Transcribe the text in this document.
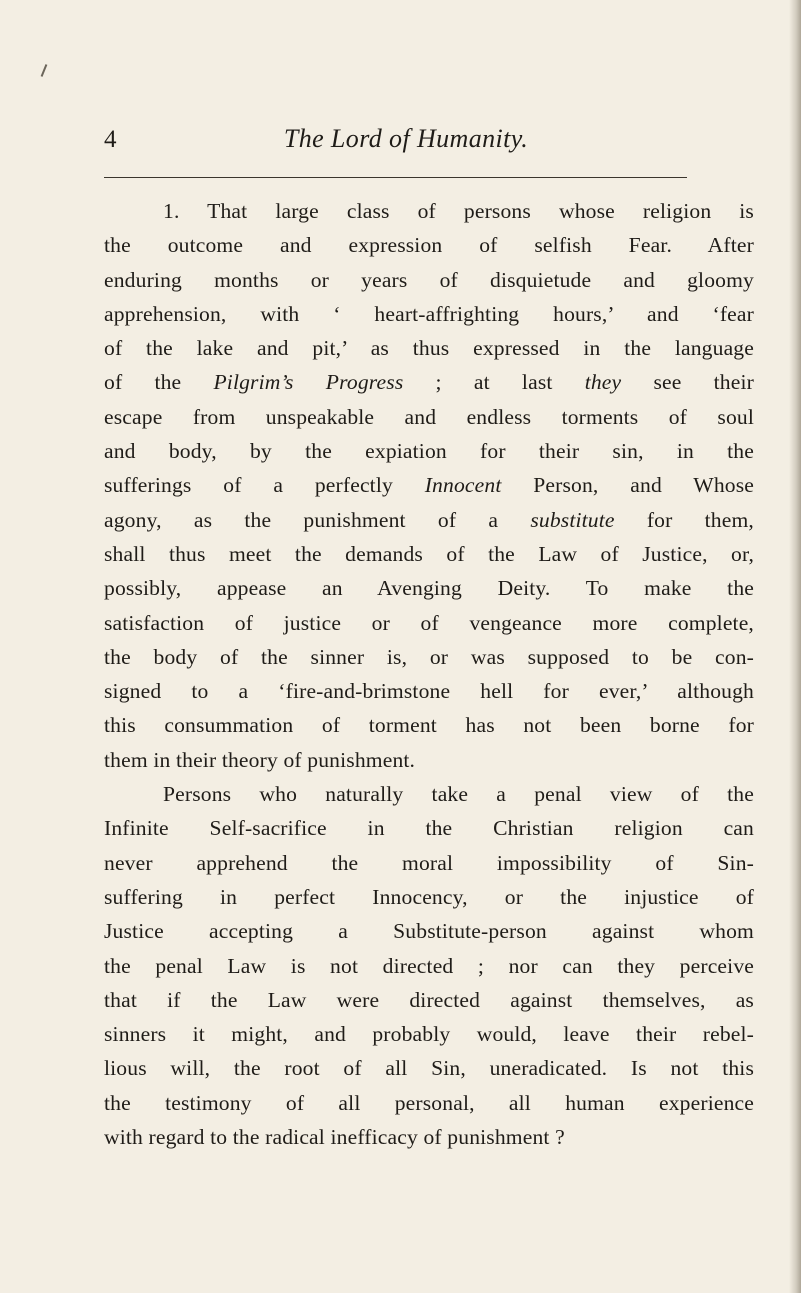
4	The Lord of Humanity.
1. That large class of persons whose religion is
the outcome and expression of selfish Fear. After
enduring months or years of disquietude and gloomy
apprehension, with ‘ heart-affrighting hours,’ and ‘fear
of the lake and pit,’ as thus expressed in the language
of the Pilgrim’s Progress ; at last they see their
escape from unspeakable and endless torments of soul
and body, by the expiation for their sin, in the
sufferings of a perfectly Innocent Person, and Whose
agony, as the punishment of a substitute for them,
shall thus meet the demands of the Law of Justice, or,
possibly, appease an Avenging Deity. To make the
satisfaction of justice or of vengeance more complete,
the body of the sinner is, or was supposed to be con-
signed to a ‘fire-and-brimstone hell for ever,’ although
this consummation of torment has not been borne for
them in their theory of punishment.
Persons who naturally take a penal view of the
Infinite Self-sacrifice in the Christian religion can
never apprehend the moral impossibility of Sin-
suffering in perfect Innocency, or the injustice of
Justice accepting a Substitute-person against whom
the penal Law is not directed ; nor can they perceive
that if the Law were directed against themselves, as
sinners it might, and probably would, leave their rebel-
lious will, the root of all Sin, uneradicated. Is not this
the testimony of all personal, all human experience
with regard to the radical inefficacy of punishment ?
